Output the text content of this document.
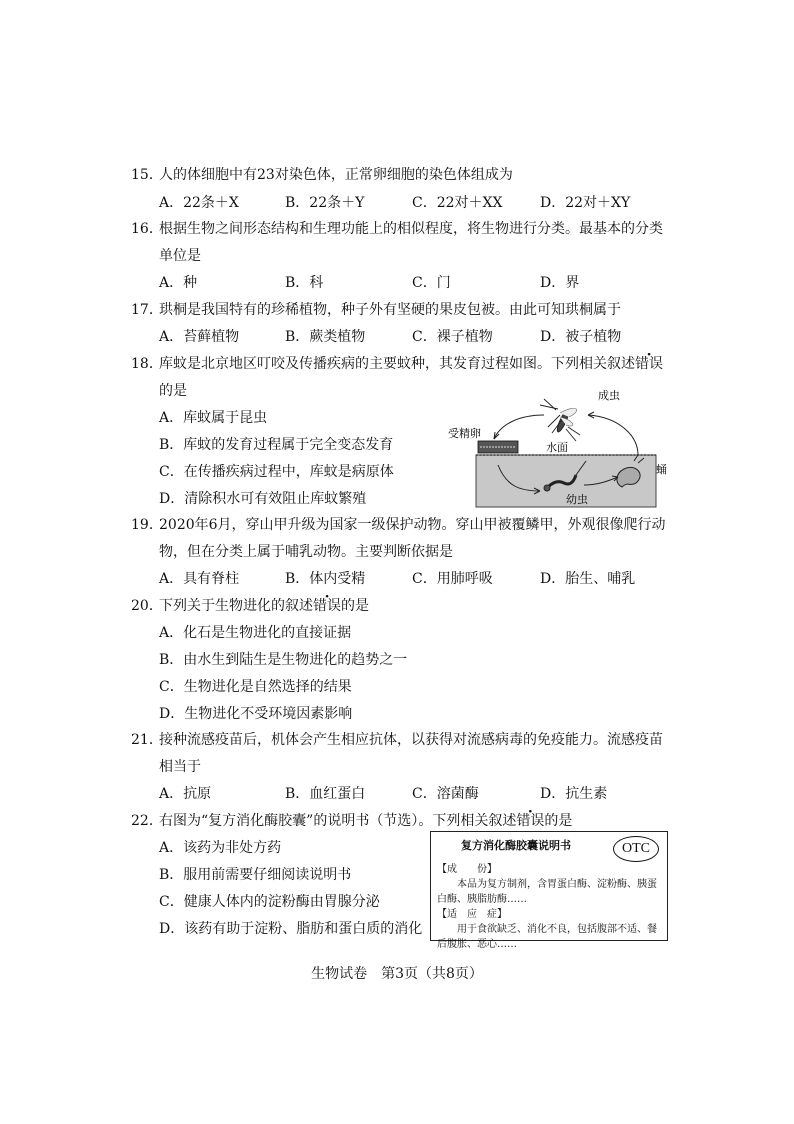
15．人的体细胞中有23对染色体，正常卵细胞的染色体组成为
A．22条＋X	B．22条＋Y	C．22对＋XX	D．22对＋XY
16．根据生物之间形态结构和生理功能上的相似程度，将生物进行分类。最基本的分类
单位是
A．种	B．科	C．门	D．界
17．珙桐是我国特有的珍稀植物，种子外有坚硬的果皮包被。由此可知珙桐属于
A．苔藓植物	B．蕨类植物	C．裸子植物	D．被子植物
18．库蚊是北京地区叮咬及传播疾病的主要蚊种，其发育过程如图。下列相关叙述错误
的是
A．库蚊属于昆虫
B．库蚊的发育过程属于完全变态发育
C．在传播疾病过程中，库蚊是病原体
D．清除积水可有效阻止库蚊繁殖
成虫
受精卵
水面
幼虫
蛹
19．2020年6月，穿山甲升级为国家一级保护动物。穿山甲被覆鳞甲，外观很像爬行动
物，但在分类上属于哺乳动物。主要判断依据是
A．具有脊柱	B．体内受精	C．用肺呼吸	D．胎生、哺乳
20．下列关于生物进化的叙述错误的是
A．化石是生物进化的直接证据
B．由水生到陆生是生物进化的趋势之一
C．生物进化是自然选择的结果
D．生物进化不受环境因素影响
21．接种流感疫苗后，机体会产生相应抗体，以获得对流感病毒的免疫能力。流感疫苗
相当于
A．抗原	B．血红蛋白	C．溶菌酶	D．抗生素
22．右图为“复方消化酶胶囊”的说明书（节选）。下列相关叙述错误的是
A．该药为非处方药
B．服用前需要仔细阅读说明书
C．健康人体内的淀粉酶由胃腺分泌
D．该药有助于淀粉、脂肪和蛋白质的消化
复方消化酶胶囊说明书	OTC
【成　　份】
本品为复方制剂，含胃蛋白酶、淀粉酶、胰蛋白酶、胰脂肪酶……
【适　应　症】
用于食欲缺乏、消化不良，包括腹部不适、餐后腹胀、恶心……
生物试卷　第3页（共8页）
